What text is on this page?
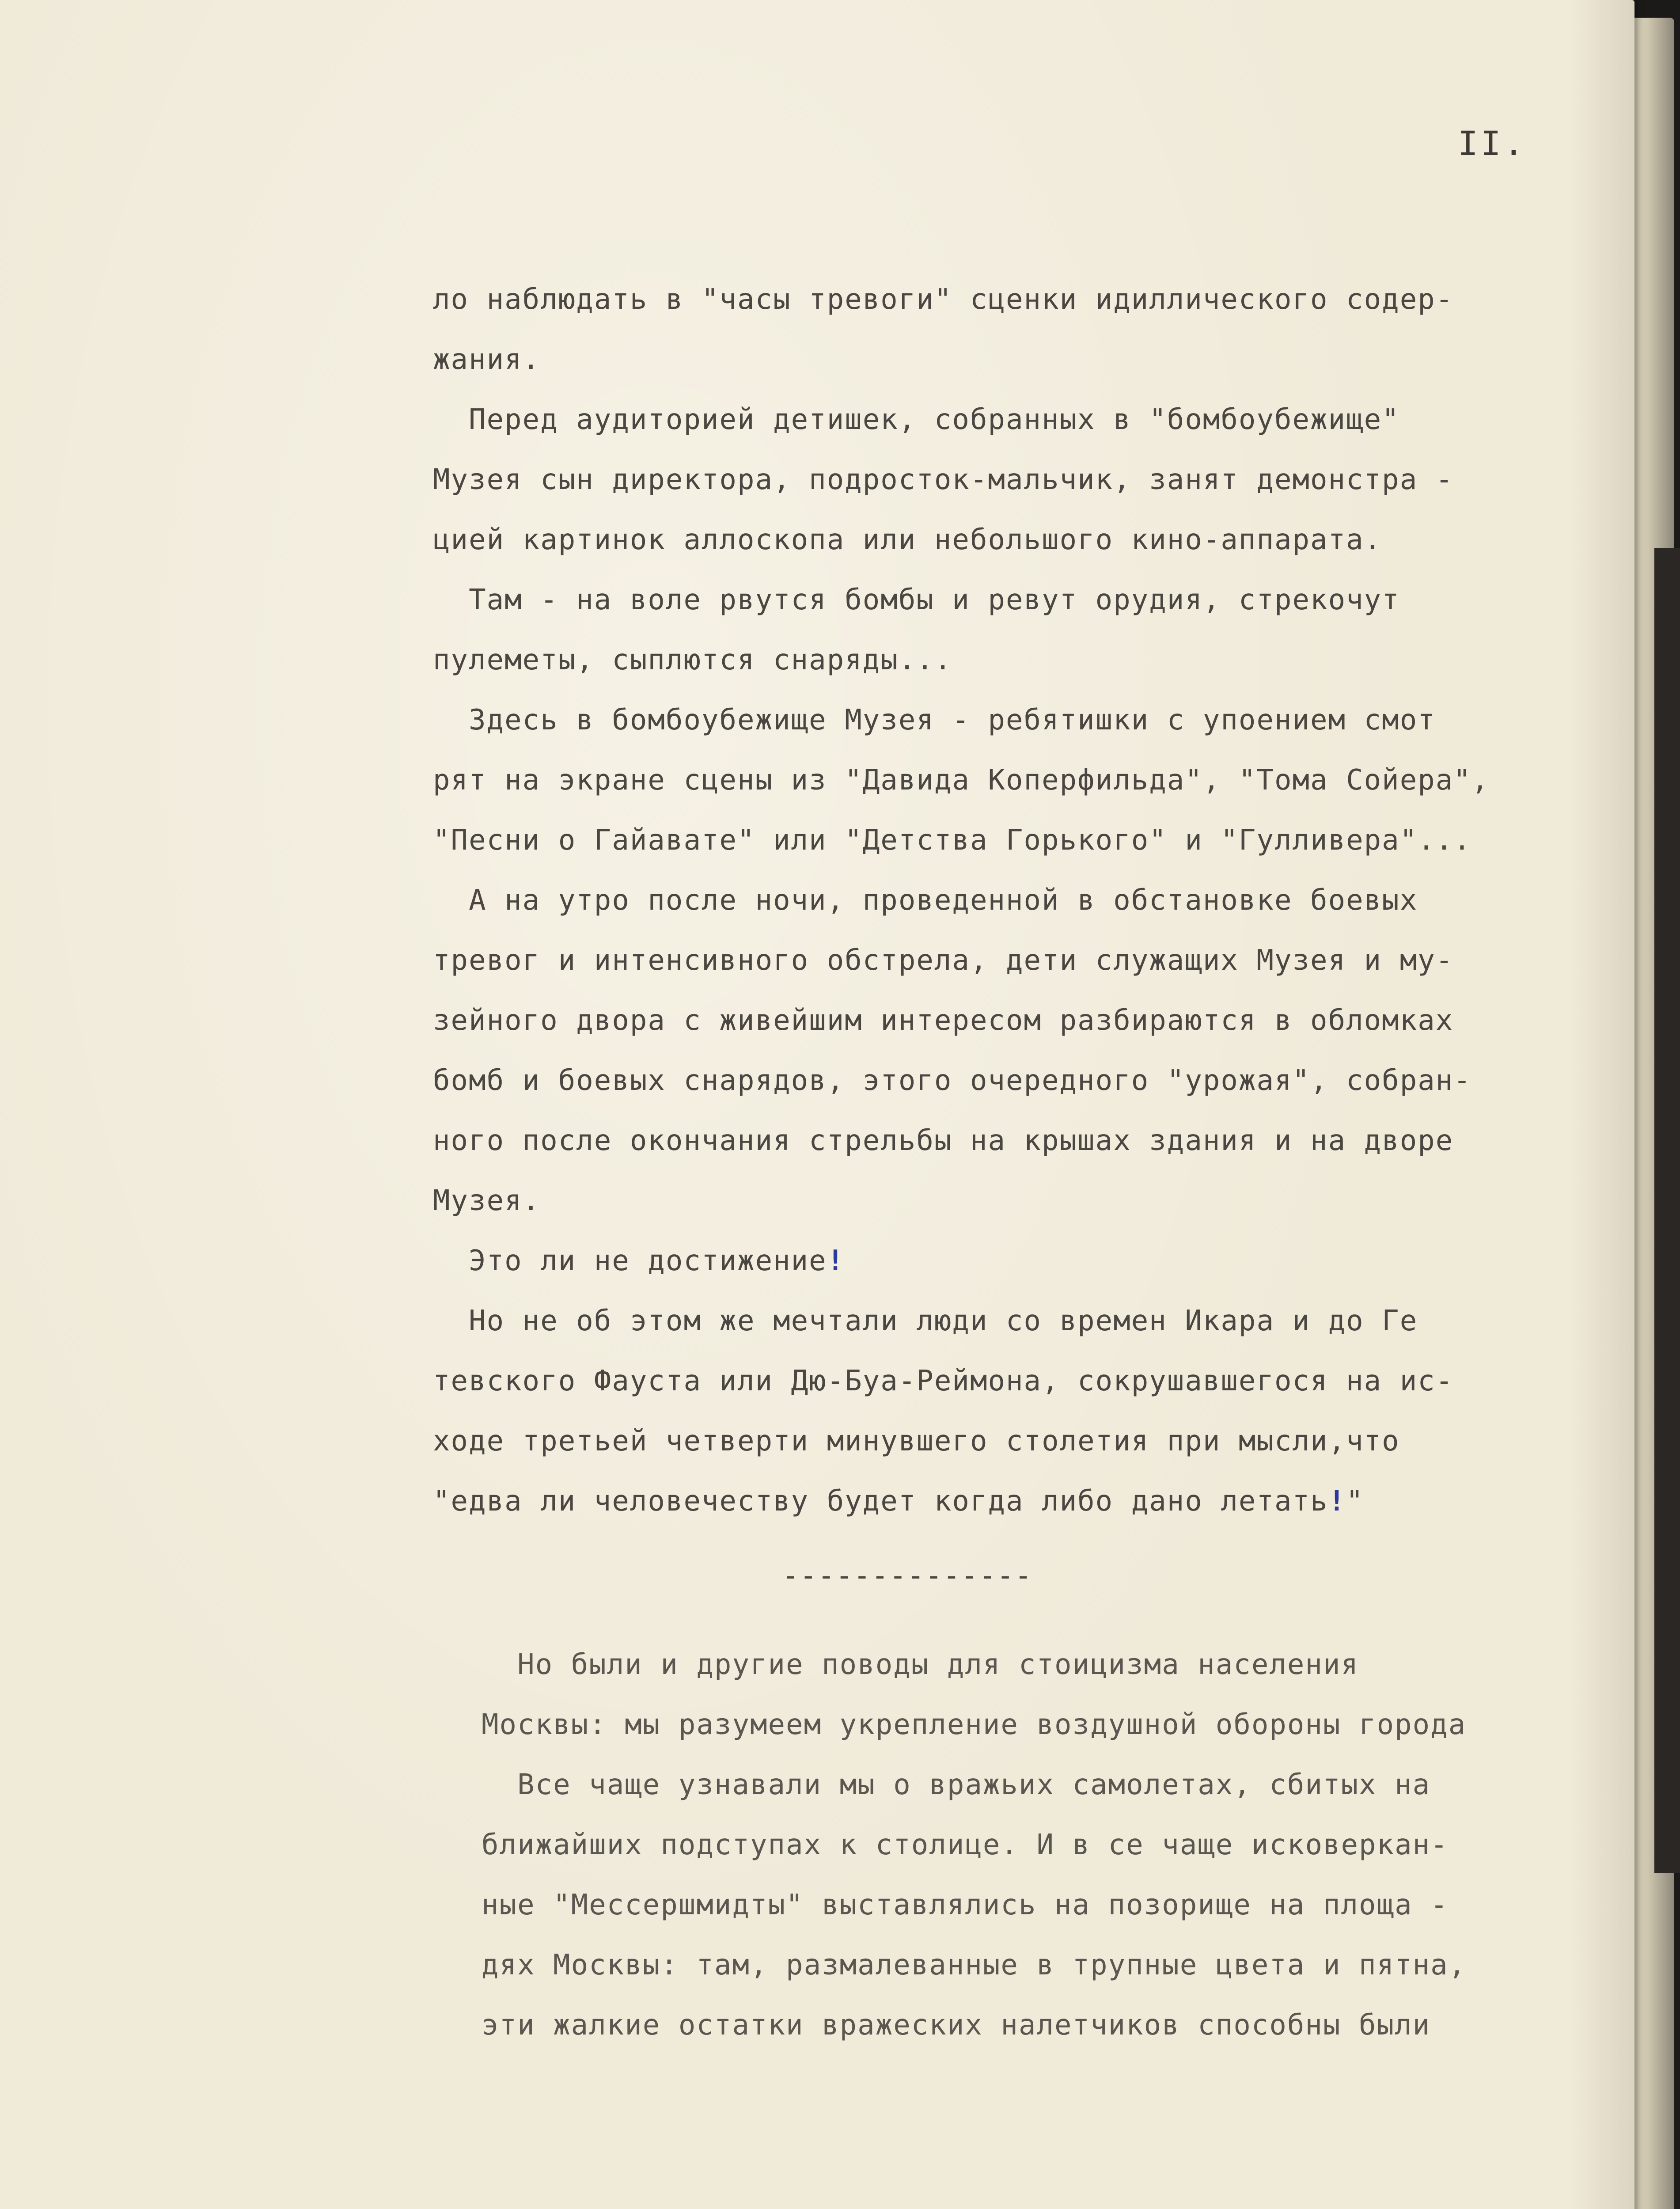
II.
ло наблюдать в "часы тревоги" сценки идиллического содер-
жания.
Перед аудиторией детишек, собранных в "бомбоубежище"
Музея сын директора, подросток-мальчик, занят демонстра -
цией картинок аллоскопа или небольшого кино-аппарата.
Там - на воле рвутся бомбы и ревут орудия, стрекочут
пулеметы, сыплются снаряды...
Здесь в бомбоубежище Музея - ребятишки с упоением смот
рят на экране сцены из "Давида Коперфильда", "Тома Сойера",
"Песни о Гайавате" или "Детства Горького" и "Гулливера"...
А на утро после ночи, проведенной в обстановке боевых
тревог и интенсивного обстрела, дети служащих Музея и му-
зейного двора с живейшим интересом разбираются в обломках
бомб и боевых снарядов, этого очередного "урожая", собран-
ного после окончания стрельбы на крышах здания и на дворе
Музея.
Это ли не достижение!
Но не об этом же мечтали люди со времен Икара и до Ге
тевского Фауста или Дю-Буа-Реймона, сокрушавшегося на ис-
ходе третьей четверти минувшего столетия при мысли,что
"едва ли человечеству будет когда либо дано летать!"
--------------
Но были и другие поводы для стоицизма населения
Москвы: мы разумеем укрепление воздушной обороны города
Все чаще узнавали мы о вражьих самолетах, сбитых на
ближайших подступах к столице. И в се чаще исковеркан-
ные "Мессершмидты" выставлялись на позорище на площа -
дях Москвы: там, размалеванные в трупные цвета и пятна,
эти жалкие остатки вражеских налетчиков способны были
